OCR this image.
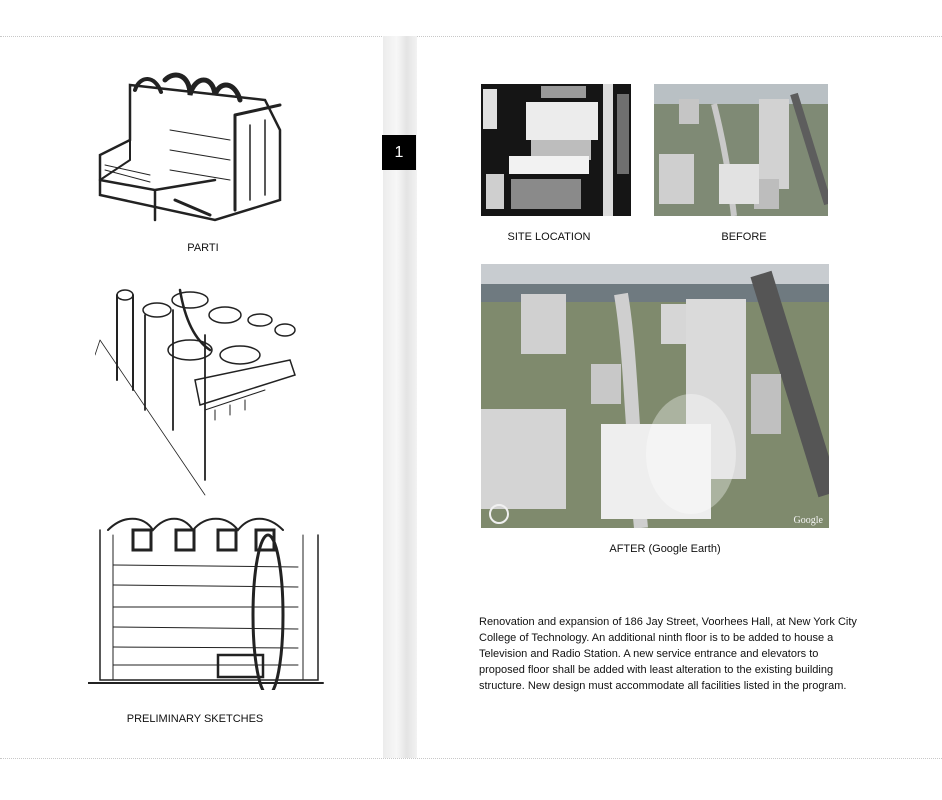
1
PARTI
PRELIMINARY SKETCHES
SITE LOCATION	BEFORE
Google
AFTER (Google Earth)
Renovation and expansion of 186 Jay Street, Voorhees Hall, at New York City College of Technology. An additional ninth floor is to be added to house a Television and Radio Station. A new service entrance and elevators to proposed floor shall be added with least alteration to the existing building structure. New design must accommodate all facilities listed in the program.
